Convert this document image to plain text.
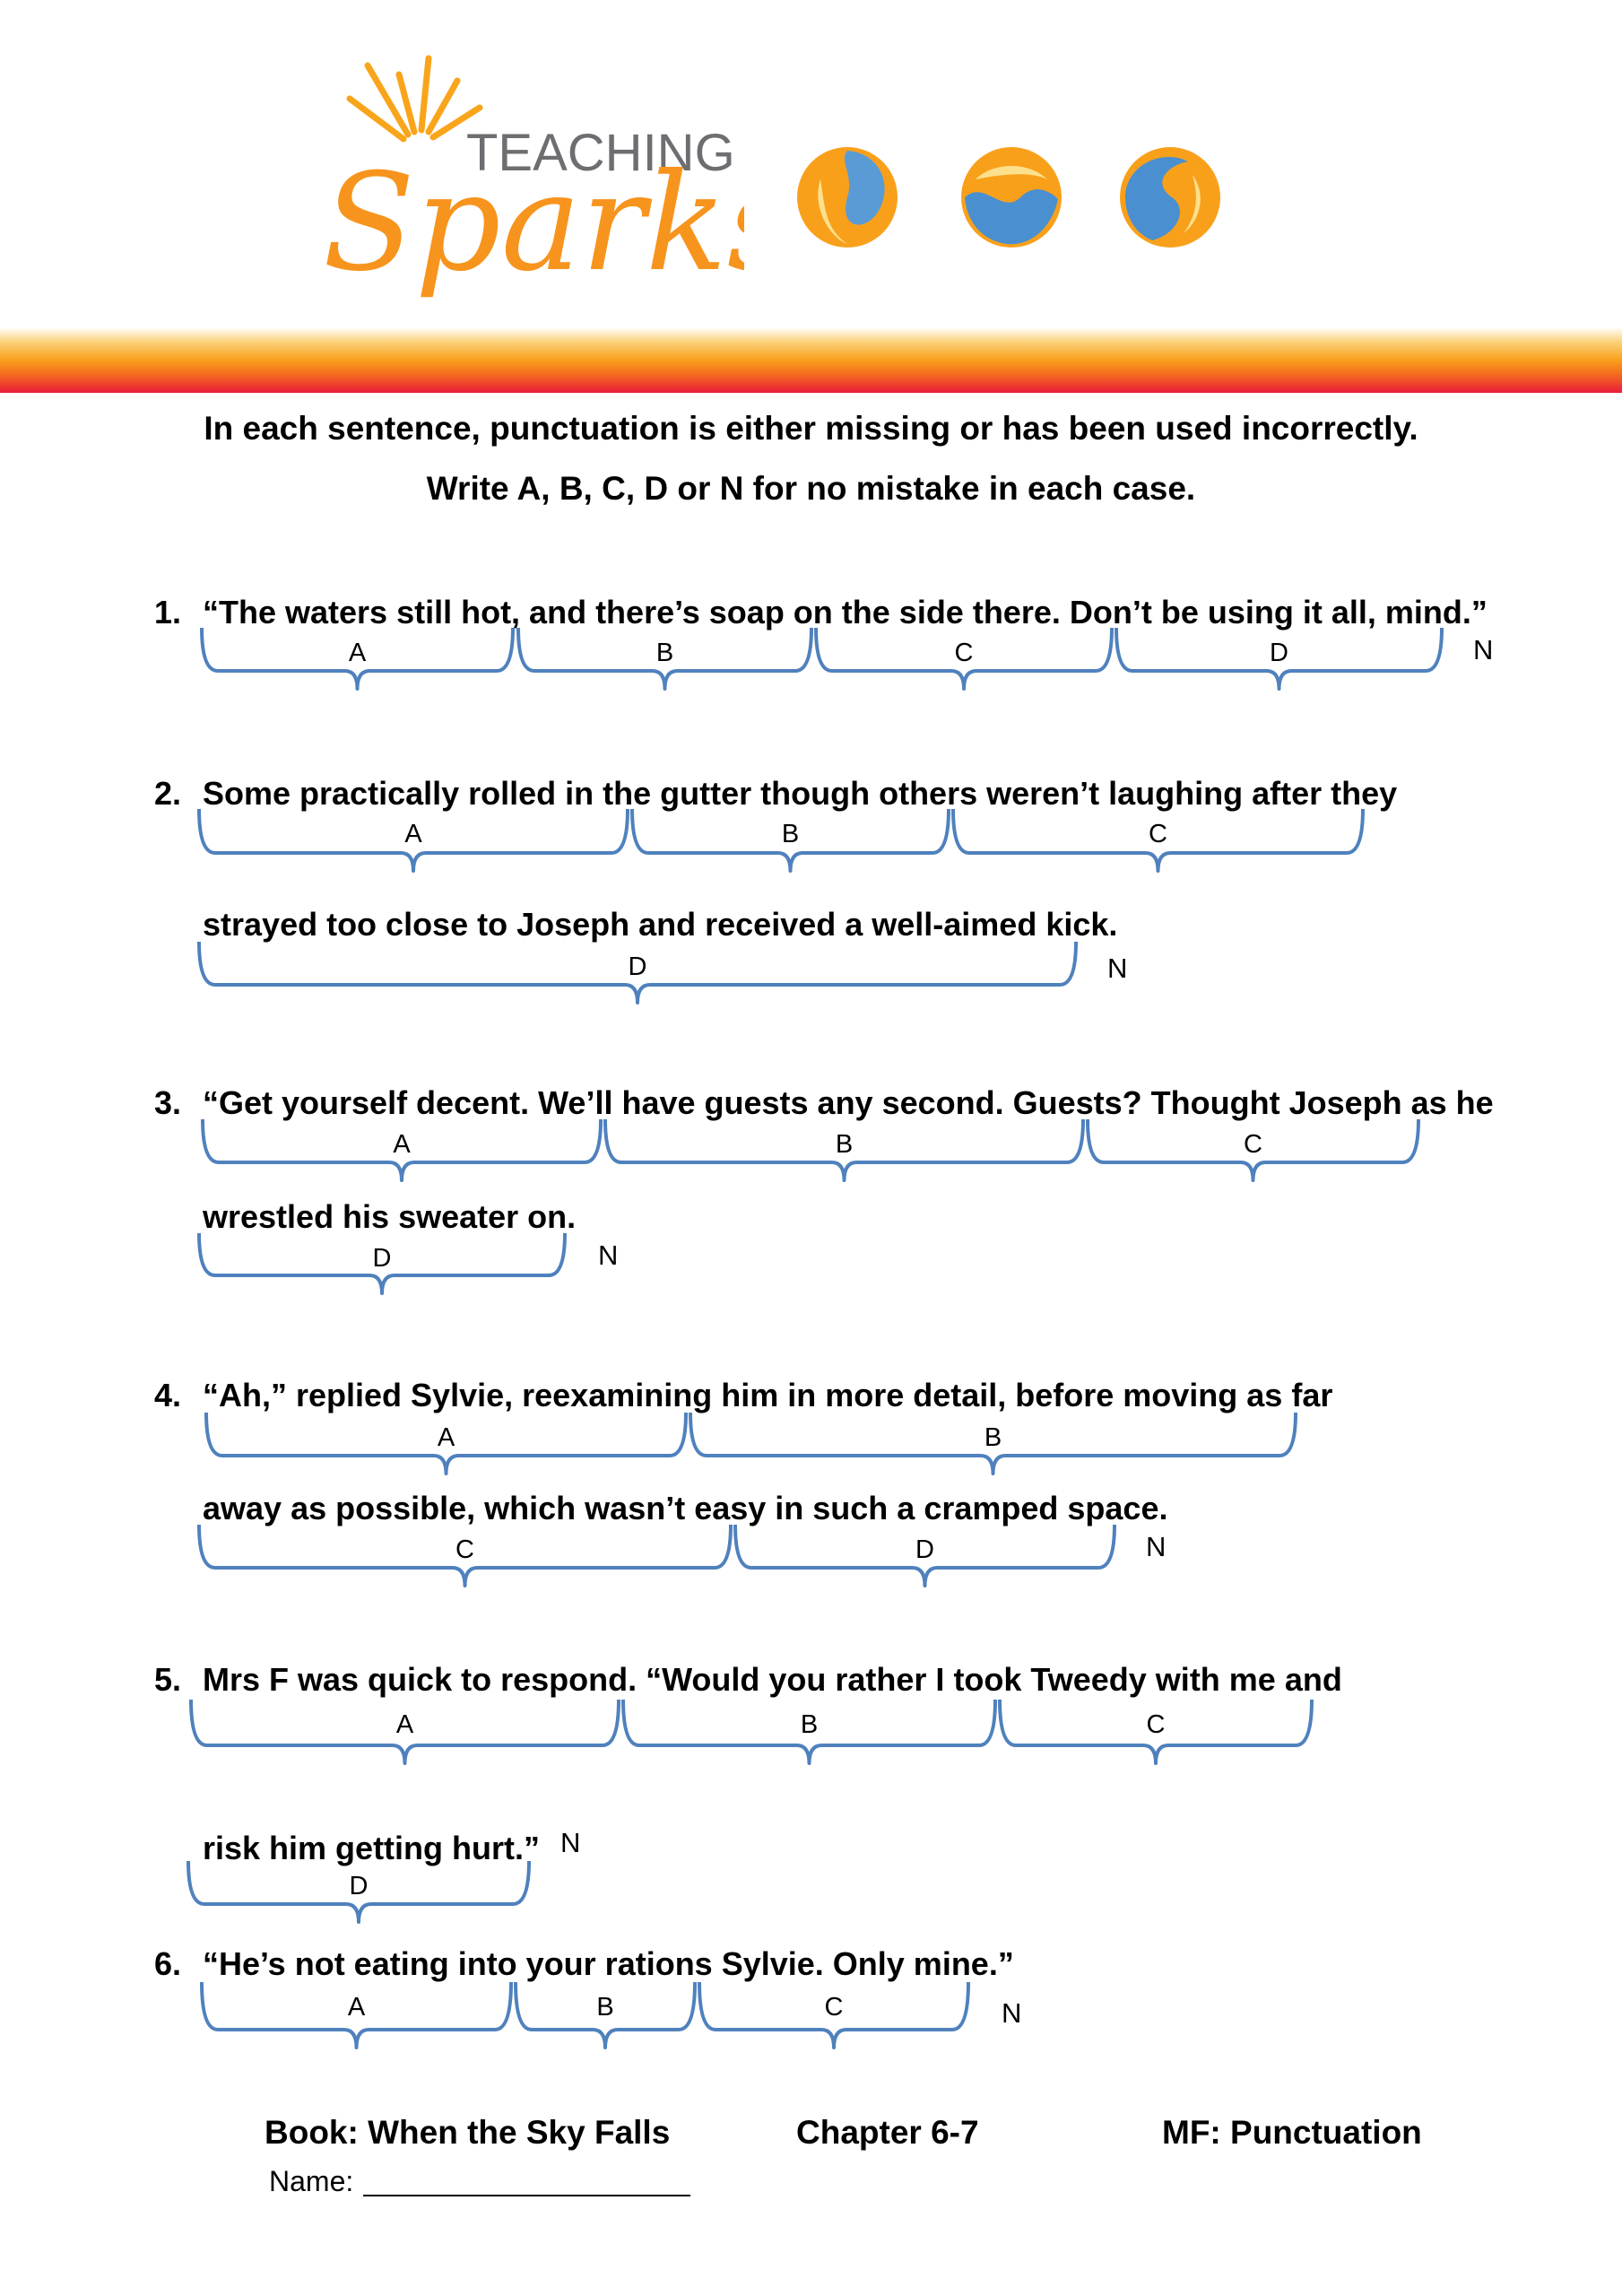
TEACHING
Spark
In each sentence, punctuation is either missing or has been used incorrectly.
Write A, B, C, D or N for no mistake in each case.
1. “The waters still hot, and there’s soap on the side there. Don’t be using it all, mind.”
2. Some practically rolled in the gutter though others weren’t laughing after they
strayed too close to Joseph and received a well-aimed kick.
3. “Get yourself decent. We’ll have guests any second. Guests? Thought Joseph as he
wrestled his sweater on.
4. “Ah,” replied Sylvie, reexamining him in more detail, before moving as far
away as possible, which wasn’t easy in such a cramped space.
5. Mrs F was quick to respond. “Would you rather I took Tweedy with me and
risk him getting hurt.”
6. “He’s not eating into your rations Sylvie. Only mine.”
A	B	C	D
A	B	C
D
A	B	C
D
A	B
C	D
A	B	C
D
A	B	C
N
N
N
N
N
N
Book: When the Sky Falls	Chapter 6-7	MF: Punctuation
Name:
